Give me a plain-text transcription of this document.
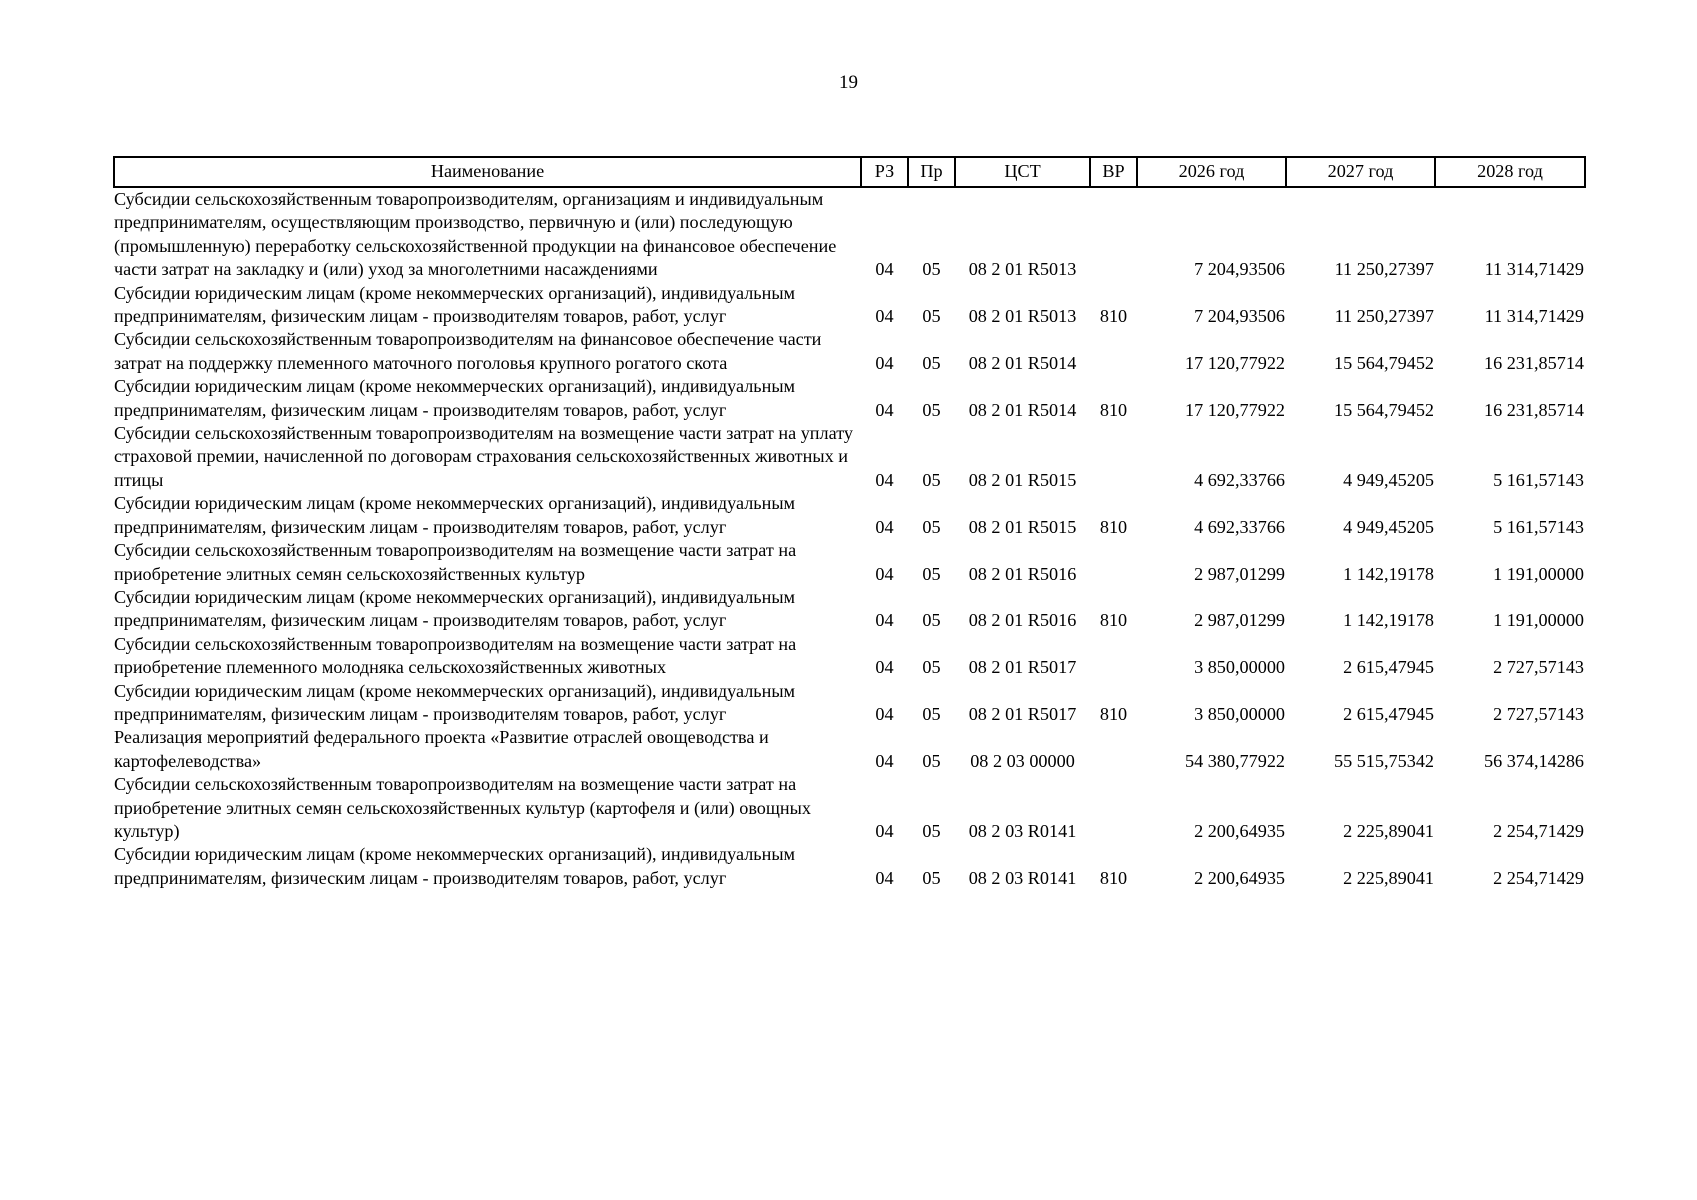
19
Наименование	РЗ	Пр	ЦСТ	ВР	2026 год	2027 год	2028 год
Субсидии сельскохозяйственным товаропроизводителям, организациям и индивидуальным предпринимателям, осуществляющим производство, первичную и (или) последующую (промышленную) переработку сельскохозяйственной продукции на финансовое обеспечение части затрат на закладку и (или) уход за многолетними насаждениями	04	05	08 2 01 R5013		7 204,93506	11 250,27397	11 314,71429
Субсидии юридическим лицам (кроме некоммерческих организаций), индивидуальным предпринимателям, физическим лицам - производителям товаров, работ, услуг	04	05	08 2 01 R5013	810	7 204,93506	11 250,27397	11 314,71429
Субсидии сельскохозяйственным товаропроизводителям на финансовое обеспечение части затрат на поддержку племенного маточного поголовья крупного рогатого скота	04	05	08 2 01 R5014		17 120,77922	15 564,79452	16 231,85714
Субсидии юридическим лицам (кроме некоммерческих организаций), индивидуальным предпринимателям, физическим лицам - производителям товаров, работ, услуг	04	05	08 2 01 R5014	810	17 120,77922	15 564,79452	16 231,85714
Субсидии сельскохозяйственным товаропроизводителям на возмещение части затрат на уплату страховой премии, начисленной по договорам страхования сельскохозяйственных животных и птицы	04	05	08 2 01 R5015		4 692,33766	4 949,45205	5 161,57143
Субсидии юридическим лицам (кроме некоммерческих организаций), индивидуальным предпринимателям, физическим лицам - производителям товаров, работ, услуг	04	05	08 2 01 R5015	810	4 692,33766	4 949,45205	5 161,57143
Субсидии сельскохозяйственным товаропроизводителям на возмещение части затрат на приобретение элитных семян сельскохозяйственных культур	04	05	08 2 01 R5016		2 987,01299	1 142,19178	1 191,00000
Субсидии юридическим лицам (кроме некоммерческих организаций), индивидуальным предпринимателям, физическим лицам - производителям товаров, работ, услуг	04	05	08 2 01 R5016	810	2 987,01299	1 142,19178	1 191,00000
Субсидии сельскохозяйственным товаропроизводителям на возмещение части затрат на приобретение племенного молодняка сельскохозяйственных животных	04	05	08 2 01 R5017		3 850,00000	2 615,47945	2 727,57143
Субсидии юридическим лицам (кроме некоммерческих организаций), индивидуальным предпринимателям, физическим лицам - производителям товаров, работ, услуг	04	05	08 2 01 R5017	810	3 850,00000	2 615,47945	2 727,57143
Реализация мероприятий федерального проекта «Развитие отраслей овощеводства и картофелеводства»	04	05	08 2 03 00000		54 380,77922	55 515,75342	56 374,14286
Субсидии сельскохозяйственным товаропроизводителям на возмещение части затрат на приобретение элитных семян сельскохозяйственных культур (картофеля и (или) овощных культур)	04	05	08 2 03 R0141		2 200,64935	2 225,89041	2 254,71429
Субсидии юридическим лицам (кроме некоммерческих организаций), индивидуальным предпринимателям, физическим лицам - производителям товаров, работ, услуг	04	05	08 2 03 R0141	810	2 200,64935	2 225,89041	2 254,71429
